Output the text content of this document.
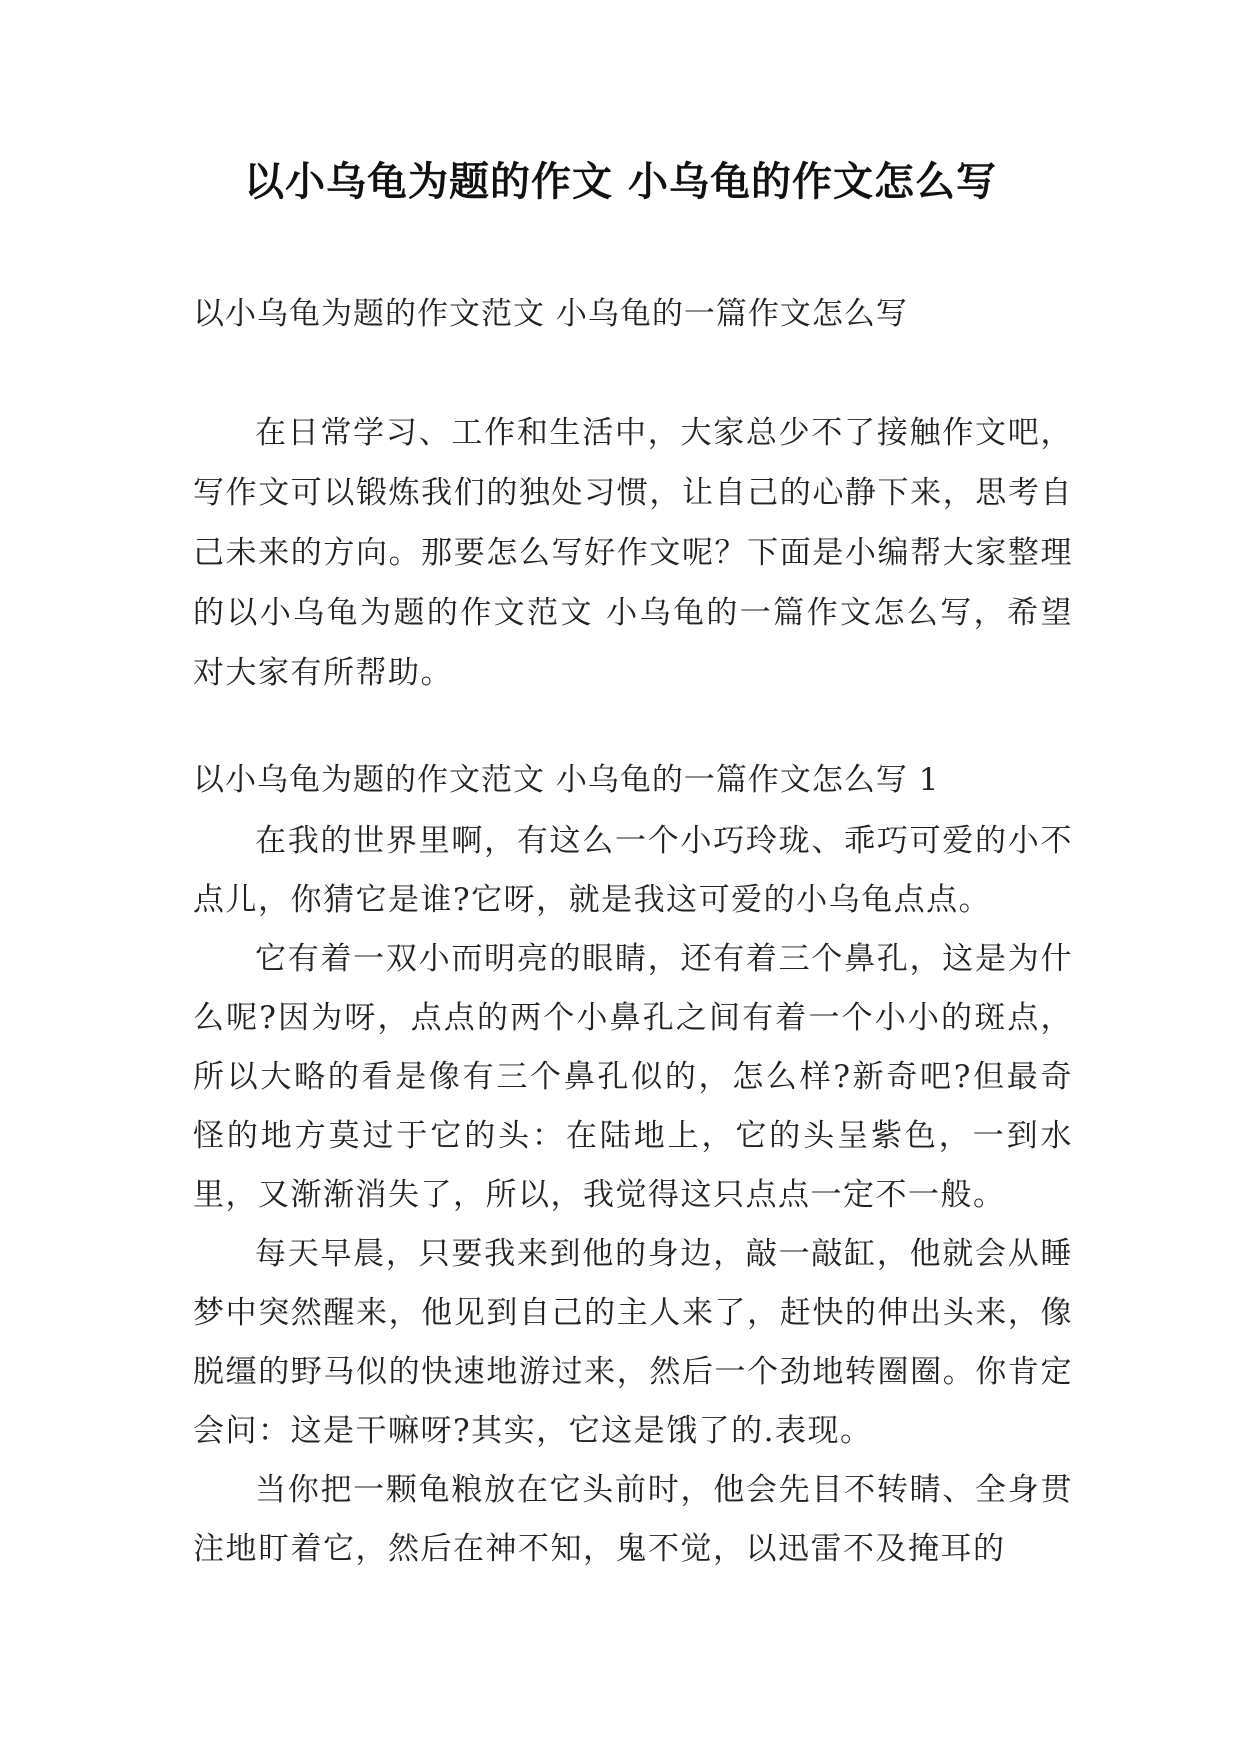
以小乌龟为题的作文 小乌龟的作文怎么写

以小乌龟为题的作文范文 小乌龟的一篇作文怎么写

在日常学习、工作和生活中，大家总少不了接触作文吧，写作文可以锻炼我们的独处习惯，让自己的心静下来，思考自己未来的方向。那要怎么写好作文呢？下面是小编帮大家整理的以小乌龟为题的作文范文 小乌龟的一篇作文怎么写，希望对大家有所帮助。

以小乌龟为题的作文范文 小乌龟的一篇作文怎么写 1

在我的世界里啊，有这么一个小巧玲珑、乖巧可爱的小不点儿，你猜它是谁?它呀，就是我这可爱的小乌龟点点。

它有着一双小而明亮的眼睛，还有着三个鼻孔，这是为什么呢?因为呀，点点的两个小鼻孔之间有着一个小小的斑点，所以大略的看是像有三个鼻孔似的，怎么样?新奇吧?但最奇怪的地方莫过于它的头：在陆地上，它的头呈紫色，一到水里，又渐渐消失了，所以，我觉得这只点点一定不一般。

每天早晨，只要我来到他的身边，敲一敲缸，他就会从睡梦中突然醒来，他见到自己的主人来了，赶快的伸出头来，像脱缰的野马似的快速地游过来，然后一个劲地转圈圈。你肯定会问：这是干嘛呀?其实，它这是饿了的.表现。

当你把一颗龟粮放在它头前时，他会先目不转睛、全身贯注地盯着它，然后在神不知，鬼不觉，以迅雷不及掩耳的
